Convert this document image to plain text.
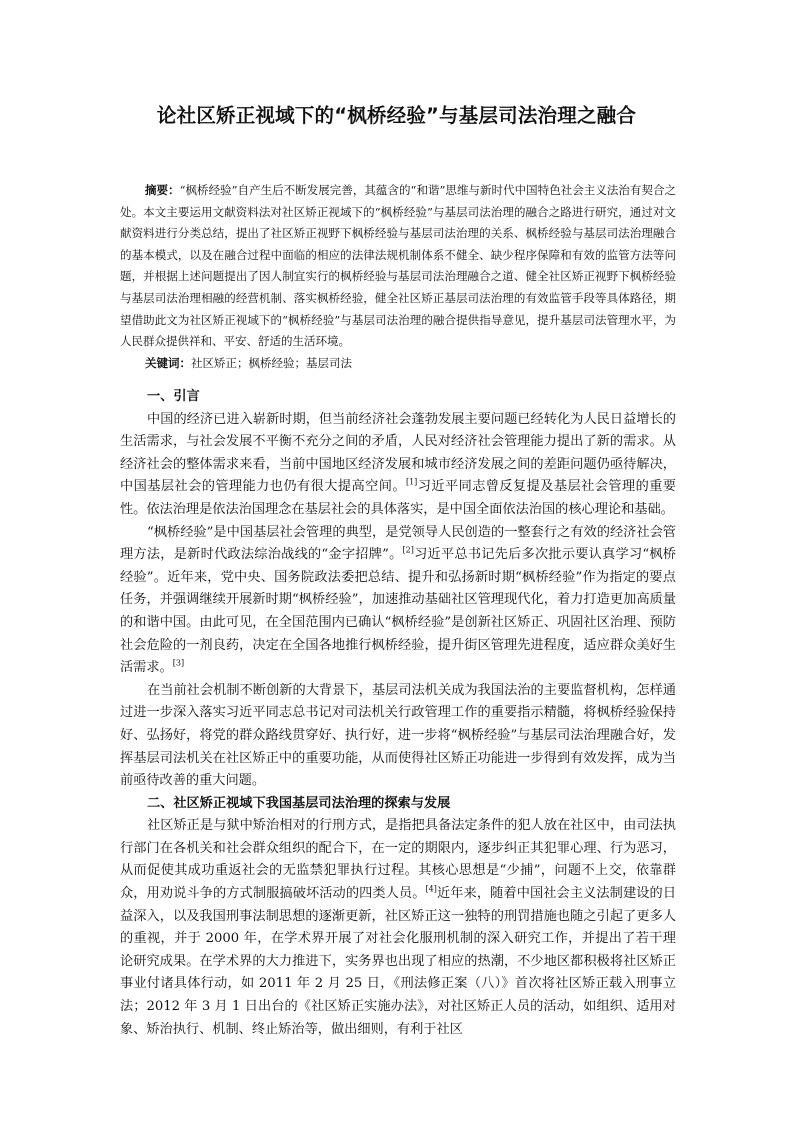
论社区矫正视域下的“枫桥经验”与基层司法治理之融合

摘要：“枫桥经验”自产生后不断发展完善，其蕴含的“和谐”思维与新时代中国特色社会主义法治有契合之处。本文主要运用文献资料法对社区矫正视域下的“枫桥经验”与基层司法治理的融合之路进行研究，通过对文献资料进行分类总结，提出了社区矫正视野下枫桥经验与基层司法治理的关系、枫桥经验与基层司法治理融合的基本模式，以及在融合过程中面临的相应的法律法规机制体系不健全、缺少程序保障和有效的监管方法等问题，并根据上述问题提出了因人制宜实行的枫桥经验与基层司法治理融合之道、健全社区矫正视野下枫桥经验与基层司法治理相融的经营机制、落实枫桥经验，健全社区矫正基层司法治理的有效监管手段等具体路径，期望借助此文为社区矫正视域下的“枫桥经验”与基层司法治理的融合提供指导意见，提升基层司法管理水平，为人民群众提供祥和、平安、舒适的生活环境。

关键词：社区矫正；枫桥经验；基层司法

一、引言

中国的经济已进入崭新时期，但当前经济社会蓬勃发展主要问题已经转化为人民日益增长的生活需求，与社会发展不平衡不充分之间的矛盾，人民对经济社会管理能力提出了新的需求。从经济社会的整体需求来看，当前中国地区经济发展和城市经济发展之间的差距问题仍亟待解决，中国基层社会的管理能力也仍有很大提高空间。[1]习近平同志曾反复提及基层社会管理的重要性。依法治理是依法治国理念在基层社会的具体落实，是中国全面依法治国的核心理论和基础。

“枫桥经验”是中国基层社会管理的典型，是党领导人民创造的一整套行之有效的经济社会管理方法，是新时代政法综治战线的“金字招牌”。[2]习近平总书记先后多次批示要认真学习“枫桥经验”。近年来，党中央、国务院政法委把总结、提升和弘扬新时期“枫桥经验”作为指定的要点任务，并强调继续开展新时期“枫桥经验”，加速推动基础社区管理现代化，着力打造更加高质量的和谐中国。由此可见，在全国范围内已确认“枫桥经验”是创新社区矫正、巩固社区治理、预防社会危险的一剂良药，决定在全国各地推行枫桥经验，提升街区管理先进程度，适应群众美好生活需求。[3]

在当前社会机制不断创新的大背景下，基层司法机关成为我国法治的主要监督机构，怎样通过进一步深入落实习近平同志总书记对司法机关行政管理工作的重要指示精髓，将枫桥经验保持好、弘扬好，将党的群众路线贯穿好、执行好，进一步将“枫桥经验”与基层司法治理融合好，发挥基层司法机关在社区矫正中的重要功能，从而使得社区矫正功能进一步得到有效发挥，成为当前亟待改善的重大问题。

二、社区矫正视域下我国基层司法治理的探索与发展

社区矫正是与狱中矫治相对的行刑方式，是指把具备法定条件的犯人放在社区中，由司法执行部门在各机关和社会群众组织的配合下，在一定的期限内，逐步纠正其犯罪心理、行为恶习，从而促使其成功重返社会的无监禁犯罪执行过程。其核心思想是“少捕”，问题不上交，依靠群众，用劝说斗争的方式制服搞破坏活动的四类人员。[4]近年来，随着中国社会主义法制建设的日益深入，以及我国刑事法制思想的逐渐更新，社区矫正这一独特的刑罚措施也随之引起了更多人的重视，并于 2000 年，在学术界开展了对社会化服刑机制的深入研究工作，并提出了若干理论研究成果。在学术界的大力推进下，实务界也出现了相应的热潮，不少地区都积极将社区矫正事业付诸具体行动，如 2011 年 2 月 25 日，《刑法修正案（八）》首次将社区矫正载入刑事立法；2012 年 3 月 1 日出台的《社区矫正实施办法》，对社区矫正人员的活动，如组织、适用对象、矫治执行、机制、终止矫治等，做出细则，有利于社区
